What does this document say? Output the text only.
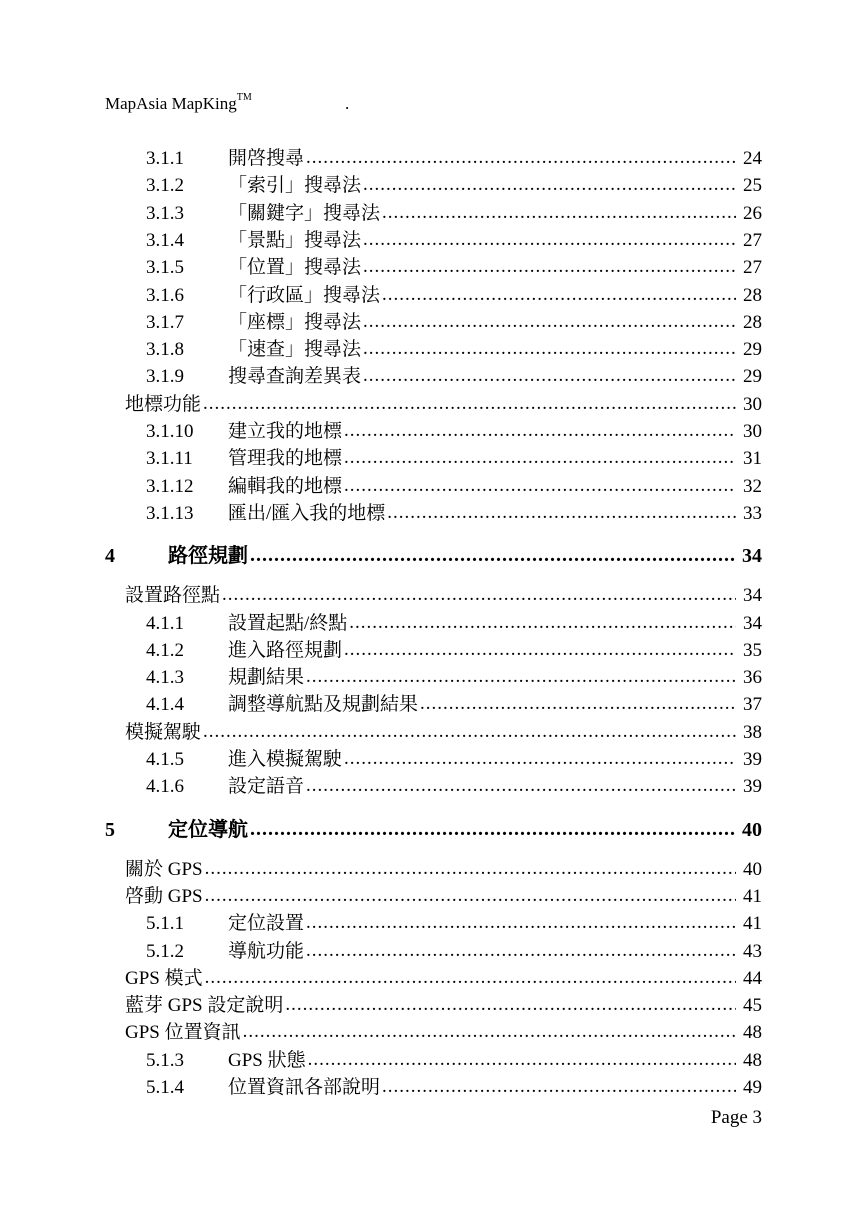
MapAsia MapKing™	.
3.1.1	開啓搜尋 .....	24
3.1.2	「索引」搜尋法 .....	25
3.1.3	「關鍵字」搜尋法 .....	26
3.1.4	「景點」搜尋法 .....	27
3.1.5	「位置」搜尋法 .....	27
3.1.6	「行政區」搜尋法 .....	28
3.1.7	「座標」搜尋法 .....	28
3.1.8	「速查」搜尋法 .....	29
3.1.9	搜尋查詢差異表 .....	29
地標功能 .....	30
3.1.10	建立我的地標 .....	30
3.1.11	管理我的地標 .....	31
3.1.12	編輯我的地標 .....	32
3.1.13	匯出/匯入我的地標 .....	33
4	路徑規劃 .....	34
設置路徑點 .....	34
4.1.1	設置起點/終點 .....	34
4.1.2	進入路徑規劃 .....	35
4.1.3	規劃結果 .....	36
4.1.4	調整導航點及規劃結果 .....	37
模擬駕駛 .....	38
4.1.5	進入模擬駕駛 .....	39
4.1.6	設定語音 .....	39
5	定位導航 .....	40
關於 GPS .....	40
啓動 GPS .....	41
5.1.1	定位設置 .....	41
5.1.2	導航功能 .....	43
GPS 模式 .....	44
藍芽 GPS 設定說明 .....	45
GPS 位置資訊 .....	48
5.1.3	GPS 狀態 .....	48
5.1.4	位置資訊各部說明 .....	49
Page 3
